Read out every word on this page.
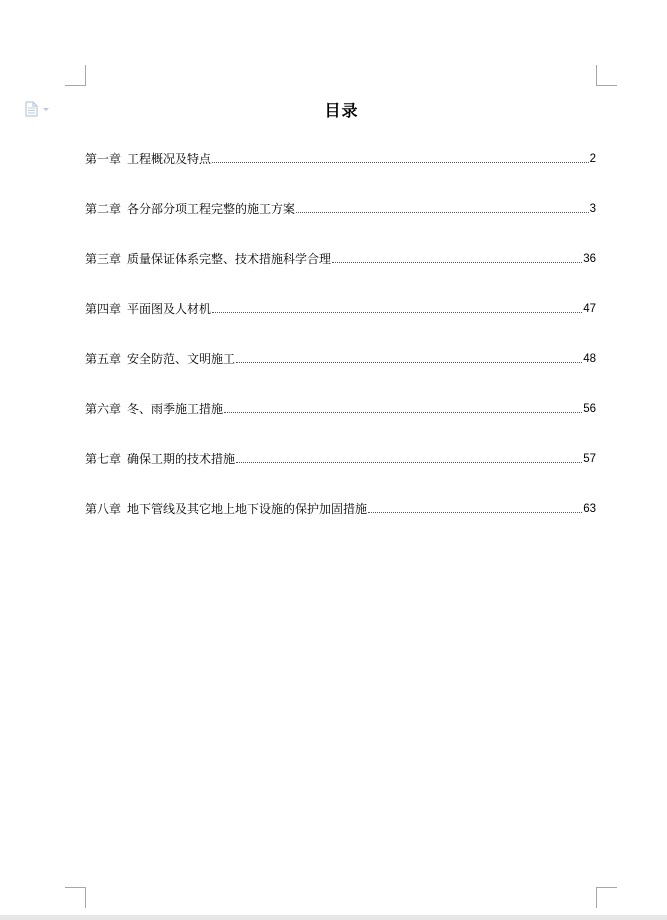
目录
第一章 工程概况及特点	2
第二章 各分部分项工程完整的施工方案	3
第三章 质量保证体系完整、技术措施科学合理	36
第四章 平面图及人材机	47
第五章 安全防范、文明施工	48
第六章 冬、雨季施工措施	56
第七章 确保工期的技术措施	57
第八章 地下管线及其它地上地下设施的保护加固措施	63
